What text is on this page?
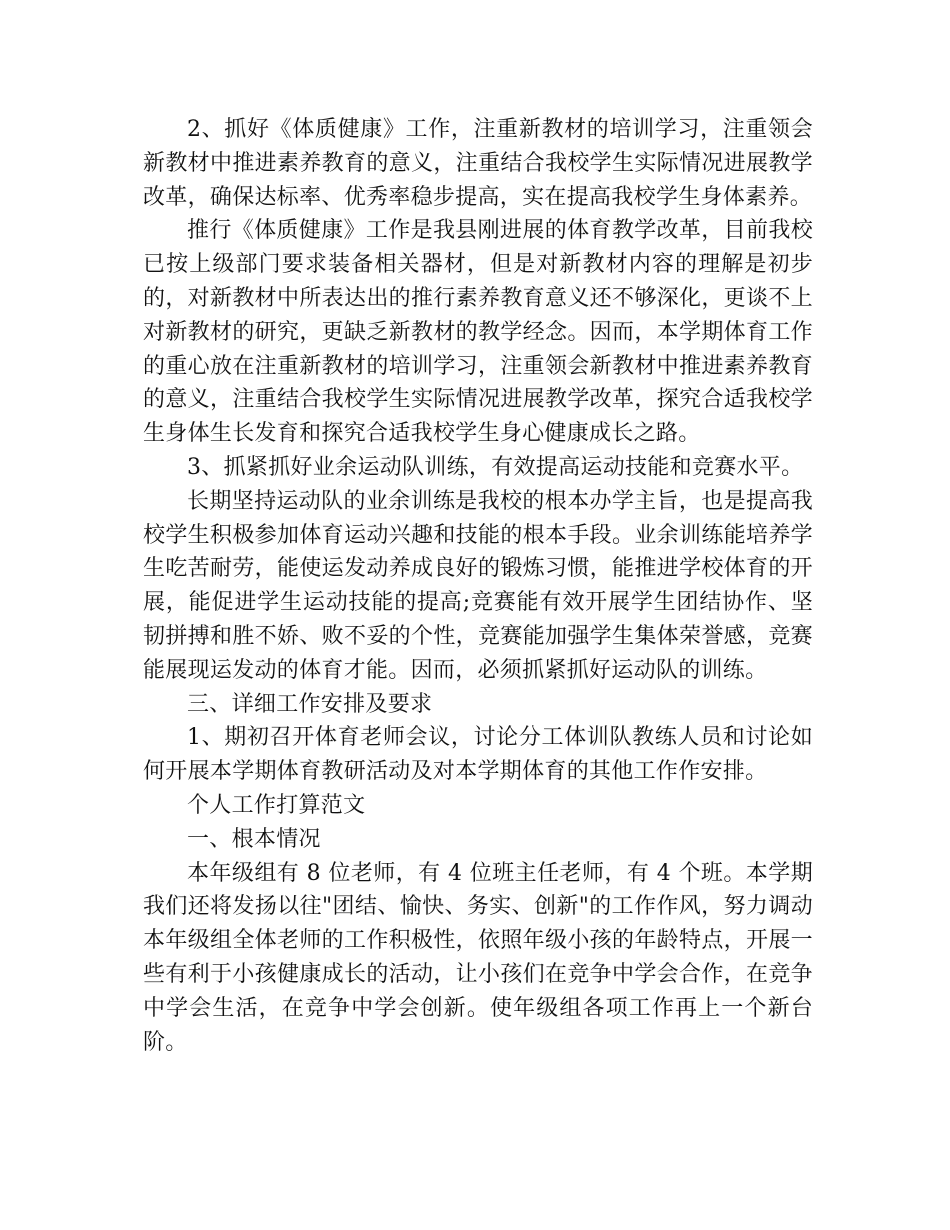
2、抓好《体质健康》工作，注重新教材的培训学习，注重领会新教材中推进素养教育的意义，注重结合我校学生实际情况进展教学改革，确保达标率、优秀率稳步提高，实在提高我校学生身体素养。

推行《体质健康》工作是我县刚进展的体育教学改革，目前我校已按上级部门要求装备相关器材，但是对新教材内容的理解是初步的，对新教材中所表达出的推行素养教育意义还不够深化，更谈不上对新教材的研究，更缺乏新教材的教学经念。因而，本学期体育工作的重心放在注重新教材的培训学习，注重领会新教材中推进素养教育的意义，注重结合我校学生实际情况进展教学改革，探究合适我校学生身体生长发育和探究合适我校学生身心健康成长之路。

3、抓紧抓好业余运动队训练，有效提高运动技能和竞赛水平。

长期坚持运动队的业余训练是我校的根本办学主旨，也是提高我校学生积极参加体育运动兴趣和技能的根本手段。业余训练能培养学生吃苦耐劳，能使运发动养成良好的锻炼习惯，能推进学校体育的开展，能促进学生运动技能的提高;竞赛能有效开展学生团结协作、坚韧拼搏和胜不娇、败不妥的个性，竞赛能加强学生集体荣誉感，竞赛能展现运发动的体育才能。因而，必须抓紧抓好运动队的训练。

三、详细工作安排及要求

1、期初召开体育老师会议，讨论分工体训队教练人员和讨论如何开展本学期体育教研活动及对本学期体育的其他工作作安排。

个人工作打算范文

一、根本情况

本年级组有 8 位老师，有 4 位班主任老师，有 4 个班。本学期我们还将发扬以往"团结、愉快、务实、创新"的工作作风，努力调动本年级组全体老师的工作积极性，依照年级小孩的年龄特点，开展一些有利于小孩健康成长的活动，让小孩们在竞争中学会合作，在竞争中学会生活，在竞争中学会创新。使年级组各项工作再上一个新台阶。
